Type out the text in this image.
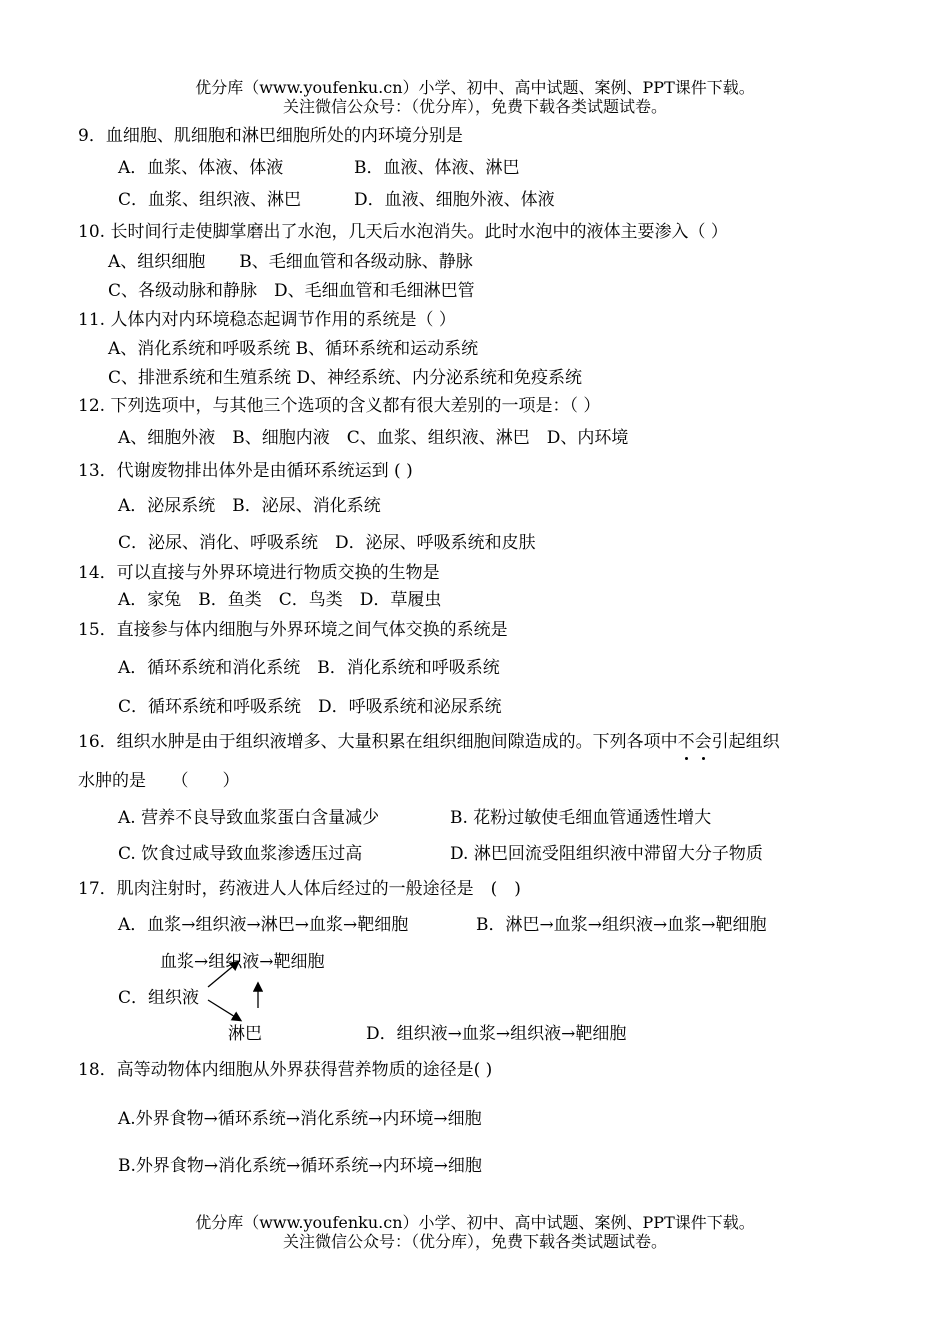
优分库（www.youfenku.cn）小学、初中、高中试题、案例、PPT课件下载。
关注微信公众号：（优分库），免费下载各类试题试卷。
9．血细胞、肌细胞和淋巴细胞所处的内环境分别是
A．血浆、体液、体液	B．血液、体液、淋巴
C．血浆、组织液、淋巴	D．血液、细胞外液、体液
10. 长时间行走使脚掌磨出了水泡，几天后水泡消失。此时水泡中的液体主要渗入（ ）
A、组织细胞　　B、毛细血管和各级动脉、静脉
C、各级动脉和静脉　D、毛细血管和毛细淋巴管
11. 人体内对内环境稳态起调节作用的系统是（ ）
A、消化系统和呼吸系统 B、循环系统和运动系统
C、排泄系统和生殖系统 D、神经系统、内分泌系统和免疫系统
12. 下列选项中，与其他三个选项的含义都有很大差别的一项是：（ ）
A、细胞外液　B、细胞内液　C、血浆、组织液、淋巴　D、内环境
13．代谢废物排出体外是由循环系统运到 ( )
A．泌尿系统　B．泌尿、消化系统
C．泌尿、消化、呼吸系统　D．泌尿、呼吸系统和皮肤
14．可以直接与外界环境进行物质交换的生物是
A．家兔　B．鱼类　C．鸟类　D．草履虫
15．直接参与体内细胞与外界环境之间气体交换的系统是
A．循环系统和消化系统　B．消化系统和呼吸系统
C．循环系统和呼吸系统　D．呼吸系统和泌尿系统
16．组织水肿是由于组织液增多、大量积累在组织细胞间隙造成的。下列各项中不
会
引起组织
水肿的是　　（　　）
A. 营养不良导致血浆蛋白含量减少	B. 花粉过敏使毛细血管通透性增大
C. 饮食过咸导致血浆渗透压过高	D. 淋巴回流受阻组织液中滞留大分子物质
17．肌肉注射时，药液进人人体后经过的一般途径是　(　)
A．血浆→组织液→淋巴→血浆→靶细胞	B．淋巴→血浆→组织液→血浆→靶细胞
血浆→组织液→靶细胞
C．组织液
淋巴	D．组织液→血浆→组织液→靶细胞
18．高等动物体内细胞从外界获得营养物质的途径是( )
A.外界食物→循环系统→消化系统→内环境→细胞
B.外界食物→消化系统→循环系统→内环境→细胞
优分库（www.youfenku.cn）小学、初中、高中试题、案例、PPT课件下载。
关注微信公众号：（优分库），免费下载各类试题试卷。
